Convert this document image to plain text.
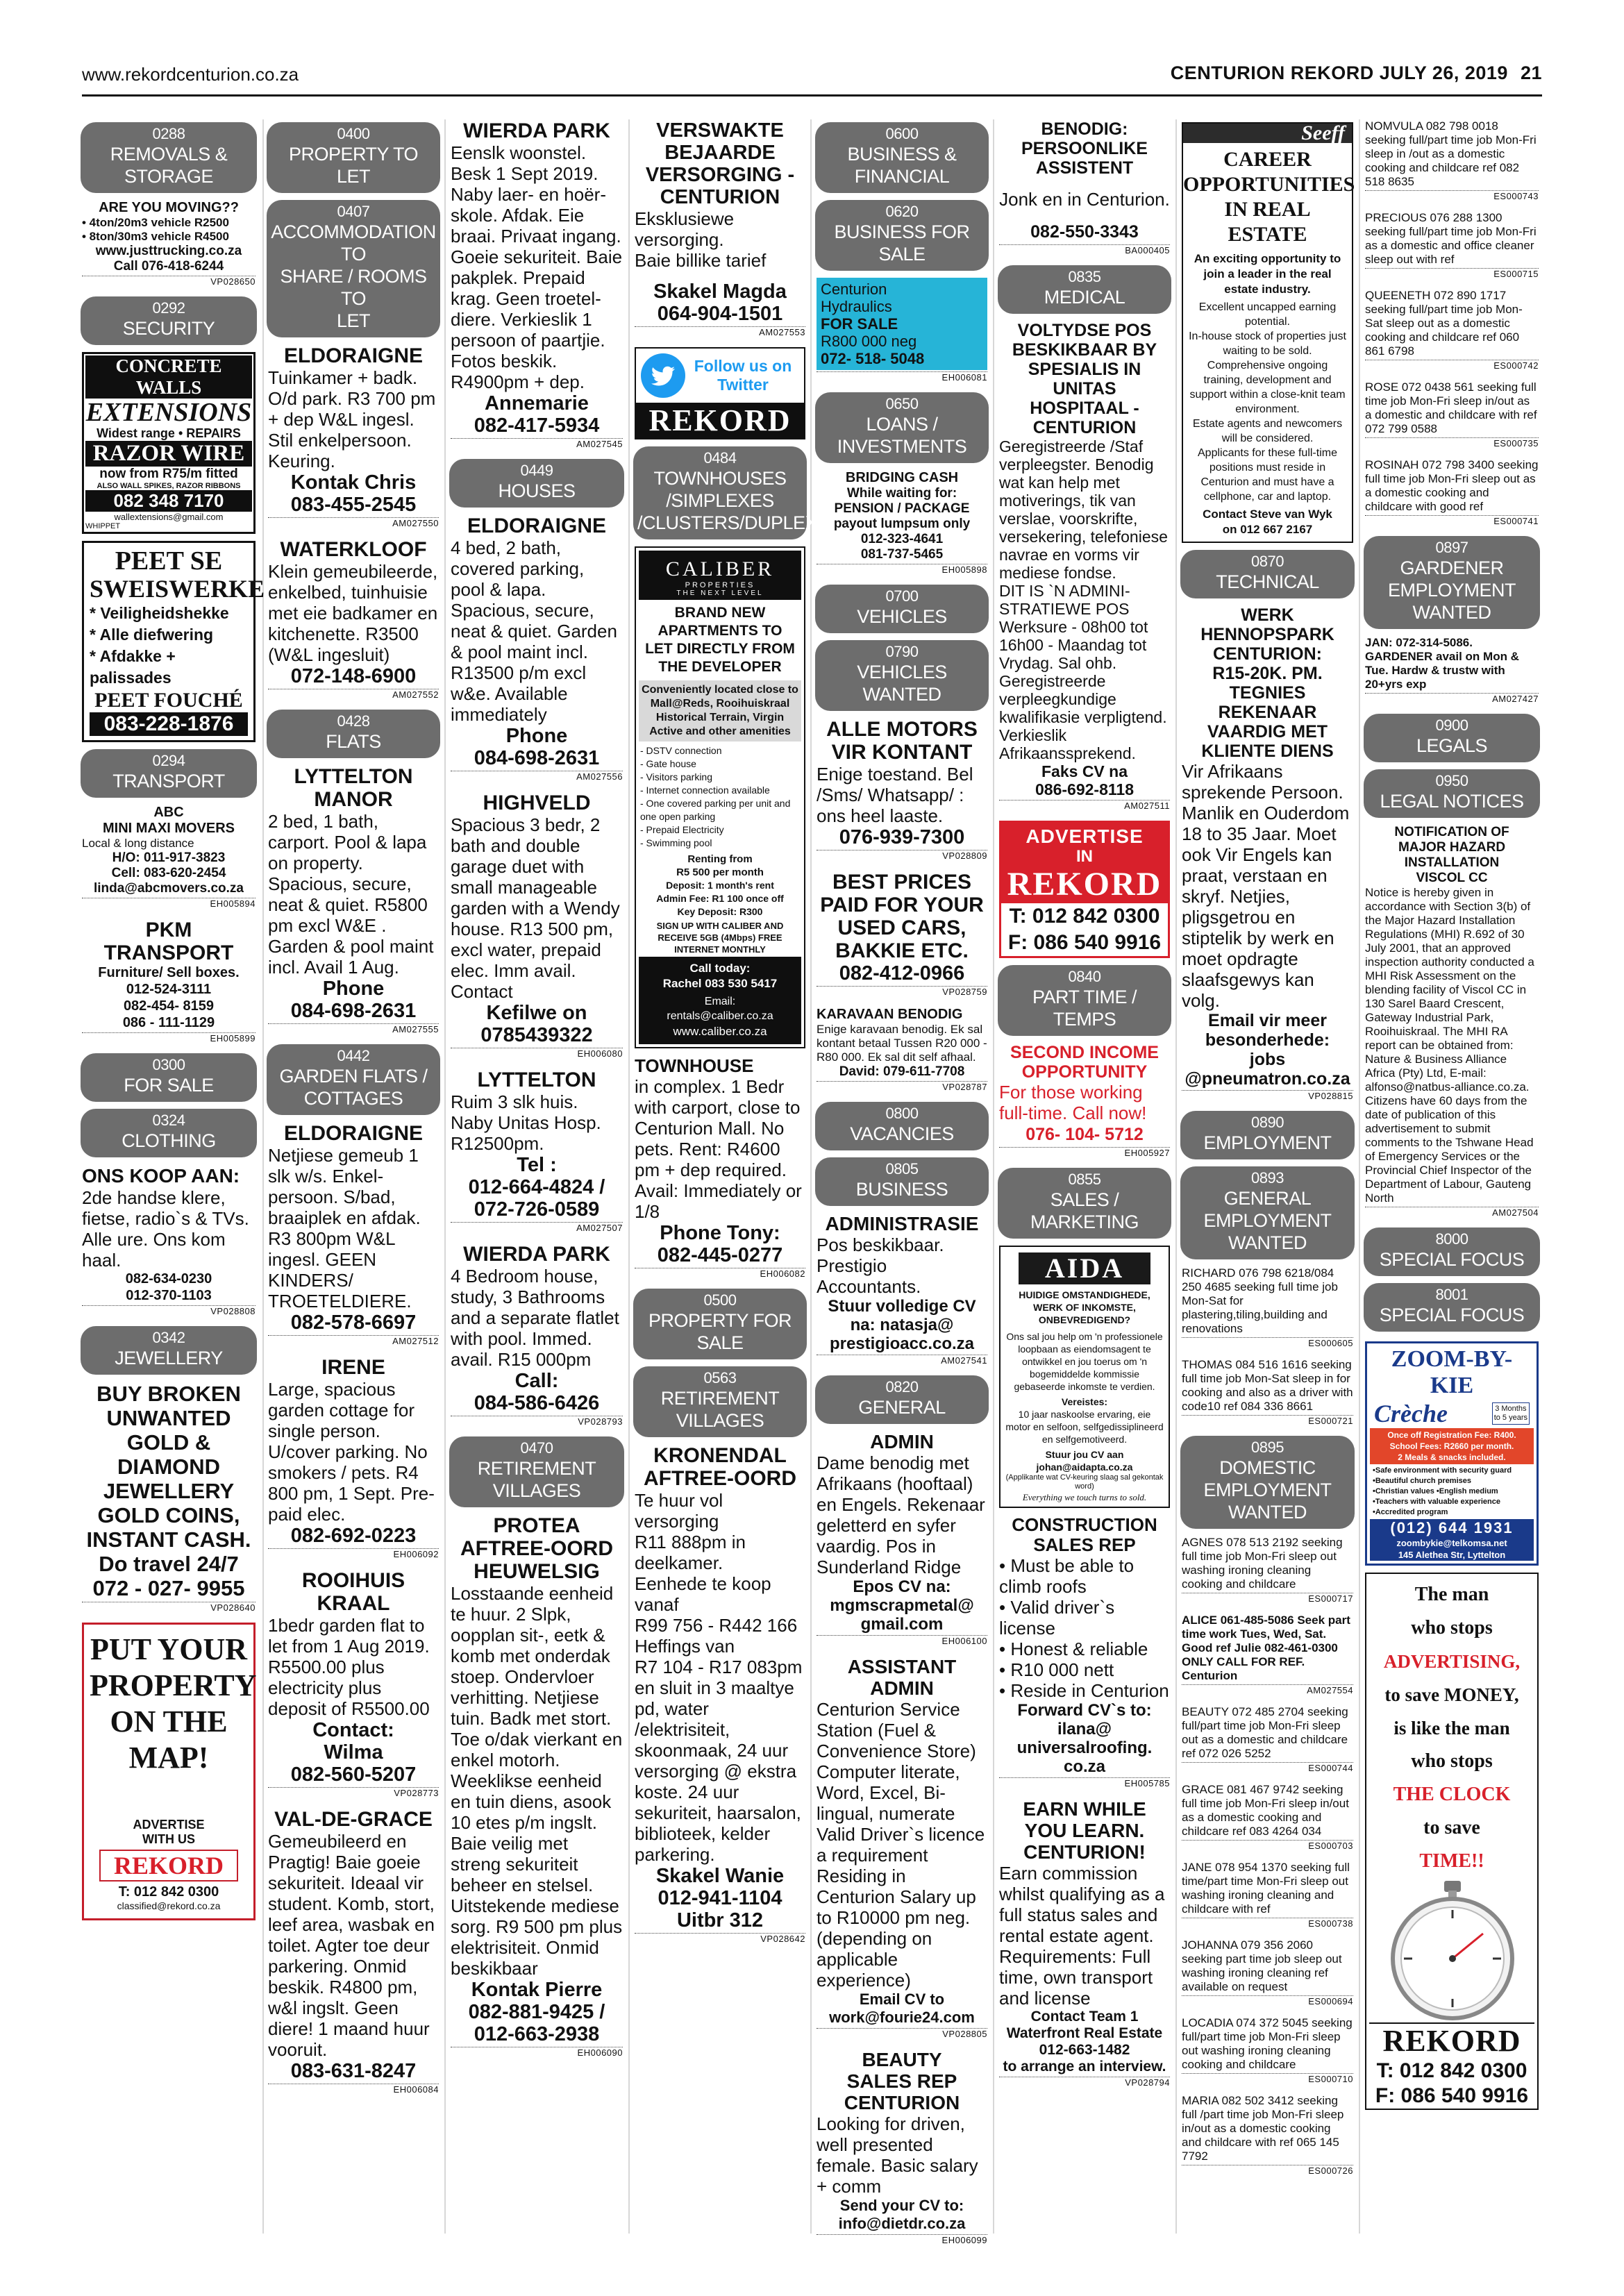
www.rekordcenturion.co.za	CENTURION REKORD JULY 26, 2019 21
0288
REMOVALS &
STORAGE
ARE YOU MOVING??
• 4ton/20m3 vehicle R2500
• 8ton/30m3 vehicle R4500
www.justtrucking.co.za
Call 076-418-6244
VP028650
0292
SECURITY
CONCRETE WALLS
EXTENSIONS
Widest range • REPAIRS
RAZOR WIRE
now from R75/m fitted
ALSO WALL SPIKES, RAZOR RIBBONS
082 348 7170
wallextensions@gmail.com
WHIPPET
PEET SE
SWEISWERKE
* Veiligheidshekke
* Alle diefwering
* Afdakke + palissades
PEET FOUCHÉ
083-228-1876
0294
TRANSPORT
ABC
MINI MAXI MOVERS
Local & long distance
H/O: 011-917-3823
Cell: 083-620-2454
linda@abcmovers.co.za
EH005894
PKM
TRANSPORT
Furniture/ Sell boxes.
012-524-3111
082-454- 8159
086 - 111-1129
EH005899
0300
FOR SALE
0324
CLOTHING
ONS KOOP AAN:
2de handse klere, fietse, radio`s & TVs. Alle ure. Ons kom haal.
082-634-0230
012-370-1103
VP028808
0342
JEWELLERY
BUY BROKEN UNWANTED GOLD & DIAMOND JEWELLERY GOLD COINS, INSTANT CASH.
Do travel 24/7
072 - 027- 9955
VP028640
PUT YOUR
PROPERTY
ON THE
MAP!
ADVERTISE
WITH US
REKORD
T: 012 842 0300
classified@rekord.co.za
0400
PROPERTY TO LET
0407
ACCOMMODATION TO
SHARE / ROOMS TO
LET
ELDORAIGNE
Tuinkamer + badk. O/d park. R3 700 pm + dep W&L ingesl. Stil enkelpersoon. Keuring.
Kontak Chris
083-455-2545
AM027550
WATERKLOOF
Klein gemeubileerde, enkelbed, tuinhuisie met eie badkamer en kitchenette. R3500 (W&L ingesluit)
072-148-6900
AM027552
0428
FLATS
LYTTELTON
MANOR
2 bed, 1 bath, carport. Pool & lapa on property. Spacious, secure, neat & quiet. R5800 pm excl W&E . Garden & pool maint incl. Avail 1 Aug.
Phone
084-698-2631
AM027555
0442
GARDEN FLATS /
COTTAGES
ELDORAIGNE
Netjiese gemeub 1 slk w/s. Enkel-persoon. S/bad, braaiplek en afdak. R3 800pm W&L ingesl. GEEN KINDERS/ TROETELDIERE.
082-578-6697
AM027512
IRENE
Large, spacious garden cottage for single person. U/cover parking. No smokers / pets. R4 800 pm, 1 Sept. Pre-paid elec.
082-692-0223
EH006092
ROOIHUIS
KRAAL
1bedr garden flat to let from 1 Aug 2019. R5500.00 plus electricity plus deposit of R5500.00
Contact:
Wilma
082-560-5207
VP028773
VAL-DE-GRACE
Gemeubileerd en Pragtig! Baie goeie sekuriteit. Ideaal vir student. Komb, stort, leef area, wasbak en toilet. Agter toe deur parkering. Onmid beskik. R4800 pm, w&l ingslt. Geen diere! 1 maand huur vooruit.
083-631-8247
EH006084
WIERDA PARK
Eenslk woonstel. Besk 1 Sept 2019. Naby laer- en hoër-skole. Afdak. Eie braai. Privaat ingang. Goeie sekuriteit. Baie pakplek. Prepaid krag. Geen troetel-diere. Verkieslik 1 persoon of paartjie. Fotos beskik. R4900pm + dep.
Annemarie
082-417-5934
AM027545
0449
HOUSES
ELDORAIGNE
4 bed, 2 bath, covered parking, pool & lapa. Spacious, secure, neat & quiet. Garden & pool maint incl. R13500 p/m excl w&e. Available immediately
Phone
084-698-2631
AM027556
HIGHVELD
Spacious 3 bedr, 2 bath and double garage duet with small manageable garden with a Wendy house. R13 500 pm, excl water, prepaid elec. Imm avail. Contact
Kefilwe on
0785439322
EH006080
LYTTELTON
Ruim 3 slk huis. Naby Unitas Hosp. R12500pm.
Tel :
012-664-4824 /
072-726-0589
AM027507
WIERDA PARK
4 Bedroom house, study, 3 Bathrooms and a separate flatlet with pool. Immed. avail. R15 000pm
Call:
084-586-6426
VP028793
0470
RETIREMENT
VILLAGES
PROTEA
AFTREE-OORD
HEUWELSIG
Losstaande eenheid te huur. 2 Slpk, oopplan sit-, eetk & komb met onderdak stoep. Ondervloer verhitting. Netjiese tuin. Badk met stort. Toe o/dak vierkant en enkel motorh. Weeklikse eenheid en tuin diens, asook 10 etes p/m ingslt. Baie veilig met streng sekuriteit beheer en stelsel. Uitstekende mediese sorg. R9 500 pm plus elektrisiteit. Onmid beskikbaar
Kontak Pierre
082-881-9425 /
012-663-2938
EH006090
VERSWAKTE
BEJAARDE
VERSORGING -
CENTURION
Eksklusiewe versorging.
Baie billike tarief
Skakel Magda
064-904-1501
AM027553
Follow us on
Twitter
REKORD
0484
TOWNHOUSES
/SIMPLEXES
/CLUSTERS/DUPLEXES
CALIBER
PROPERTIES
THE NEXT LEVEL
BRAND NEW
APARTMENTS TO
LET DIRECTLY FROM
THE DEVELOPER
Conveniently located close to Mall@Reds, Rooihuiskraal Historical Terrain, Virgin Active and other amenities
- DSTV connection
- Gate house
- Visitors parking
- Internet connection available
- One covered parking per unit and one open parking
- Prepaid Electricity
- Swimming pool
Renting from
R5 500 per month
Deposit: 1 month's rent
Admin Fee: R1 100 once off
Key Deposit: R300
SIGN UP WITH CALIBER AND RECEIVE 5GB (4Mbps) FREE INTERNET MONTHLY
Call today:
Rachel 083 530 5417
Email:
rentals@caliber.co.za
www.caliber.co.za
TOWNHOUSE
in complex. 1 Bedr
with carport, close to Centurion Mall. No pets. Rent: R4600 pm + dep required. Avail: Immediately or 1/8
Phone Tony:
082-445-0277
EH006082
0500
PROPERTY FOR SALE
0563
RETIREMENT
VILLAGES
KRONENDAL
AFTREE-OORD
Te huur vol versorging
R11 888pm in deelkamer.
Eenhede te koop vanaf
R99 756 - R442 166
Heffings van
R7 104 - R17 083pm
en sluit in 3 maaltye pd, water /elektrisiteit, skoonmaak, 24 uur versorging @ ekstra koste. 24 uur sekuriteit, haarsalon, biblioteek, kelder parkering.
Skakel Wanie
012-941-1104
Uitbr 312
VP028642
0600
BUSINESS &
FINANCIAL
0620
BUSINESS FOR SALE
Centurion
Hydraulics
FOR SALE
R800 000 neg
072- 518- 5048
EH006081
0650
LOANS / INVESTMENTS
BRIDGING CASH
While waiting for:
PENSION / PACKAGE
payout lumpsum only
012-323-4641
081-737-5465
EH005898
0700
VEHICLES
0790
VEHICLES WANTED
ALLE MOTORS
VIR KONTANT
Enige toestand. Bel /Sms/ Whatsapp/ : ons heel laaste.
076-939-7300
VP028809
BEST PRICES
PAID FOR YOUR
USED CARS,
BAKKIE ETC.
082-412-0966
VP028759
KARAVAAN BENODIG
Enige karavaan benodig. Ek sal kontant betaal Tussen R20 000 - R80 000. Ek sal dit self afhaal.
David: 079-611-7708
VP028787
0800
VACANCIES
0805
BUSINESS
ADMINISTRASIE
Pos beskikbaar. Prestigio Accountants.
Stuur volledige CV
na: natasja@
prestigioacc.co.za
AM027541
0820
GENERAL
ADMIN
Dame benodig met Afrikaans (hooftaal) en Engels. Rekenaar geletterd en syfer vaardig. Pos in Sunderland Ridge
Epos CV na:
mgmscrapmetal@
gmail.com
EH006100
ASSISTANT
ADMIN
Centurion Service Station (Fuel & Convenience Store) Computer literate, Word, Excel, Bi-lingual, numerate Valid Driver`s licence a requirement Residing in Centurion Salary up to R10000 pm neg. (depending on applicable experience)
Email CV to
work@fourie24.com
VP028805
BEAUTY
SALES REP
CENTURION
Looking for driven, well presented female. Basic salary + comm
Send your CV to:
info@dietdr.co.za
EH006099
BENODIG:
PERSOONLIKE
ASSISTENT
Jonk en in Centurion.
082-550-3343
BA000405
0835
MEDICAL
VOLTYDSE POS
BESKIKBAAR BY
SPESIALIS IN
UNITAS
HOSPITAAL -
CENTURION
Geregistreerde /Staf verpleegster. Benodig wat kan help met motiverings, tik van verslae, voorskrifte, versekering, telefoniese navrae en vorms vir mediese fondse.
DIT IS `N ADMINI-STRATIEWE POS
Werksure - 08h00 tot 16h00 - Maandag tot Vrydag. Sal ohb. Geregistreerde verpleegkundige kwalifikasie verpligtend. Verkieslik Afrikaanssprekend.
Faks CV na
086-692-8118
AM027511
ADVERTISE
IN
REKORD
T: 012 842 0300
F: 086 540 9916
0840
PART TIME / TEMPS
SECOND INCOME
OPPORTUNITY
For those working full-time. Call now!
076- 104- 5712
EH005927
0855
SALES / MARKETING
AIDA
HUIDIGE OMSTANDIGHEDE, WERK OF INKOMSTE, ONBEVREDIGEND?
Ons sal jou help om 'n professionele loopbaan as eiendomsagent te ontwikkel en jou toerus om 'n bogemiddelde kommissie gebaseerde inkomste te verdien.
Vereistes:
10 jaar naskoolse ervaring, eie motor en selfoon, selfgedissiplineerd en selfgemotiveerd.
Stuur jou CV aan
johan@aidapta.co.za
(Applikante wat CV-keuring slaag sal gekontak word)
Everything we touch turns to sold.
CONSTRUCTION
SALES REP
• Must be able to climb roofs
• Valid driver`s license
• Honest & reliable
• R10 000 nett
• Reside in Centurion
Forward CV`s to:
ilana@
universalroofing.
co.za
EH005785
EARN WHILE
YOU LEARN.
CENTURION!
Earn commission whilst qualifying as a full status sales and rental estate agent. Requirements: Full time, own transport and license
Contact Team 1
Waterfront Real Estate
012-663-1482
to arrange an interview.
VP028794
Seeff
CAREER
OPPORTUNITIES
IN REAL ESTATE
An exciting opportunity to join a leader in the real estate industry.
Excellent uncapped earning potential.
In-house stock of properties just waiting to be sold.
Comprehensive ongoing training, development and support within a close-knit team environment.
Estate agents and newcomers will be considered.
Applicants for these full-time positions must reside in Centurion and must have a cellphone, car and laptop.
Contact Steve van Wyk
on 012 667 2167
0870
TECHNICAL
WERK
HENNOPSPARK
CENTURION:
R15-20K. PM.
TEGNIES
REKENAAR
VAARDIG MET
KLIENTE DIENS
Vir Afrikaans sprekende Persoon. Manlik en Ouderdom 18 to 35 Jaar. Moet ook Vir Engels kan praat, verstaan en skryf. Netjies, pligsgetrou en stiptelik by werk en moet opdragte slaafsgewys kan volg.
Email vir meer
besonderhede:
jobs
@pneumatron.co.za
VP028815
0890
EMPLOYMENT
0893
GENERAL
EMPLOYMENT
WANTED
RICHARD 076 798 6218/084 250 4685 seeking full time job Mon-Sat for plastering,tiling,building and renovations
ES000605
THOMAS 084 516 1616 seeking full time job Mon-Sat sleep in for cooking and also as a driver with code10 ref 084 336 8661
ES000721
0895
DOMESTIC
EMPLOYMENT
WANTED
AGNES 078 513 2192 seeking full time job Mon-Fri sleep out washing ironing cleaning cooking and childcare
ES000717
ALICE 061-485-5086 Seek part time work Tues, Wed, Sat. Good ref Julie 082-461-0300 ONLY CALL FOR REF. Centurion
AM027554
BEAUTY 072 485 2704 seeking full/part time job Mon-Fri sleep out as a domestic and childcare ref 072 026 5252
ES000744
GRACE 081 467 9742 seeking full time job Mon-Fri sleep in/out as a domestic cooking and childcare ref 083 4264 034
ES000703
JANE 078 954 1370 seeking full time/part time Mon-Fri sleep out washing ironing cleaning and childcare with ref
ES000738
JOHANNA 079 356 2060 seeking part time job sleep out washing ironing cleaning ref available on request
ES000694
LOCADIA 074 372 5045 seeking full/part time job Mon-Fri sleep out washing ironing cleaning cooking and childcare
ES000710
MARIA 082 502 3412 seeking full /part time job Mon-Fri sleep in/out as a domestic cooking and childcare with ref 065 145 7792
ES000726
NOMVULA 082 798 0018 seeking full/part time job Mon-Fri sleep in /out as a domestic cooking and childcare ref 082 518 8635
ES000743
PRECIOUS 076 288 1300 seeking full/part time job Mon-Fri as a domestic and office cleaner sleep out with ref
ES000715
QUEENETH 072 890 1717 seeking full/part time job Mon-Sat sleep out as a domestic cooking and childcare ref 060 861 6798
ES000742
ROSE 072 0438 561 seeking full time job Mon-Fri sleep in/out as a domestic and childcare with ref 072 799 0588
ES000735
ROSINAH 072 798 3400 seeking full time job Mon-Fri sleep out as a domestic cooking and childcare with good ref
ES000741
0897
GARDENER
EMPLOYMENT
WANTED
JAN: 072-314-5086. GARDENER avail on Mon & Tue. Hardw & trustw with 20+yrs exp
AM027427
0900
LEGALS
0950
LEGAL NOTICES
NOTIFICATION OF
MAJOR HAZARD
INSTALLATION
VISCOL CC
Notice is hereby given in accordance with Section 3(b) of the Major Hazard Installation Regulations (MHI) R.692 of 30 July 2001, that an approved inspection authority conducted a MHI Risk Assessment on the blending facility of Viscol CC in 130 Sarel Baard Crescent, Gateway Industrial Park, Rooihuiskraal. The MHI RA report can be obtained from: Nature & Business Alliance Africa (Pty) Ltd, E-mail: alfonso@natbus-alliance.co.za. Citizens have 60 days from the date of publication of this advertisement to submit comments to the Tshwane Head of Emergency Services or the Provincial Chief Inspector of the Department of Labour, Gauteng North
AM027504
8000
SPECIAL FOCUS
8001
SPECIAL FOCUS
ZOOM-BY-KIE
Crèche	3 Months
to 5 years
Once off Registration Fee: R400.
School Fees: R2660 per month.
2 Meals & snacks included.
•Safe environment with security guard
•Beautiful church premises
•Christian values •English medium
•Teachers with valuable experience
•Accredited program
(012) 644 1931
zoombykie@telkomsa.net
145 Alethea Str, Lyttelton
The man
who stops
ADVERTISING,
to save MONEY,
is like the man
who stops
THE CLOCK
to save
TIME!!
REKORD
T: 012 842 0300
F: 086 540 9916
